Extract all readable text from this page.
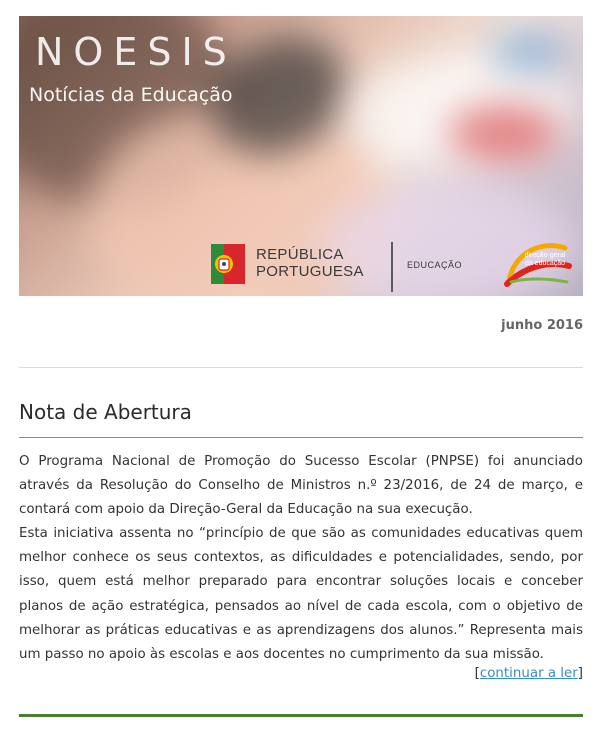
NOESIS
Notícias da Educação
REPÚBLICA
PORTUGUESA	EDUCAÇÃO
direção-geral
da educação
junho 2016
Nota de Abertura

O Programa Nacional de Promoção do Sucesso Escolar (PNPSE) foi anunciado através da Resolução do Conselho de Ministros n.º 23/2016, de 24 de março, e contará com apoio da Direção-Geral da Educação na sua execução.

Esta iniciativa assenta no “princípio de que são as comunidades educativas quem melhor conhece os seus contextos, as dificuldades e potencialidades, sendo, por isso, quem está melhor preparado para encontrar soluções locais e conceber planos de ação estratégica, pensados ao nível de cada escola, com o objetivo de melhorar as práticas educativas e as aprendizagens dos alunos.” Representa mais um passo no apoio às escolas e aos docentes no cumprimento da sua missão.

[continuar a ler]
